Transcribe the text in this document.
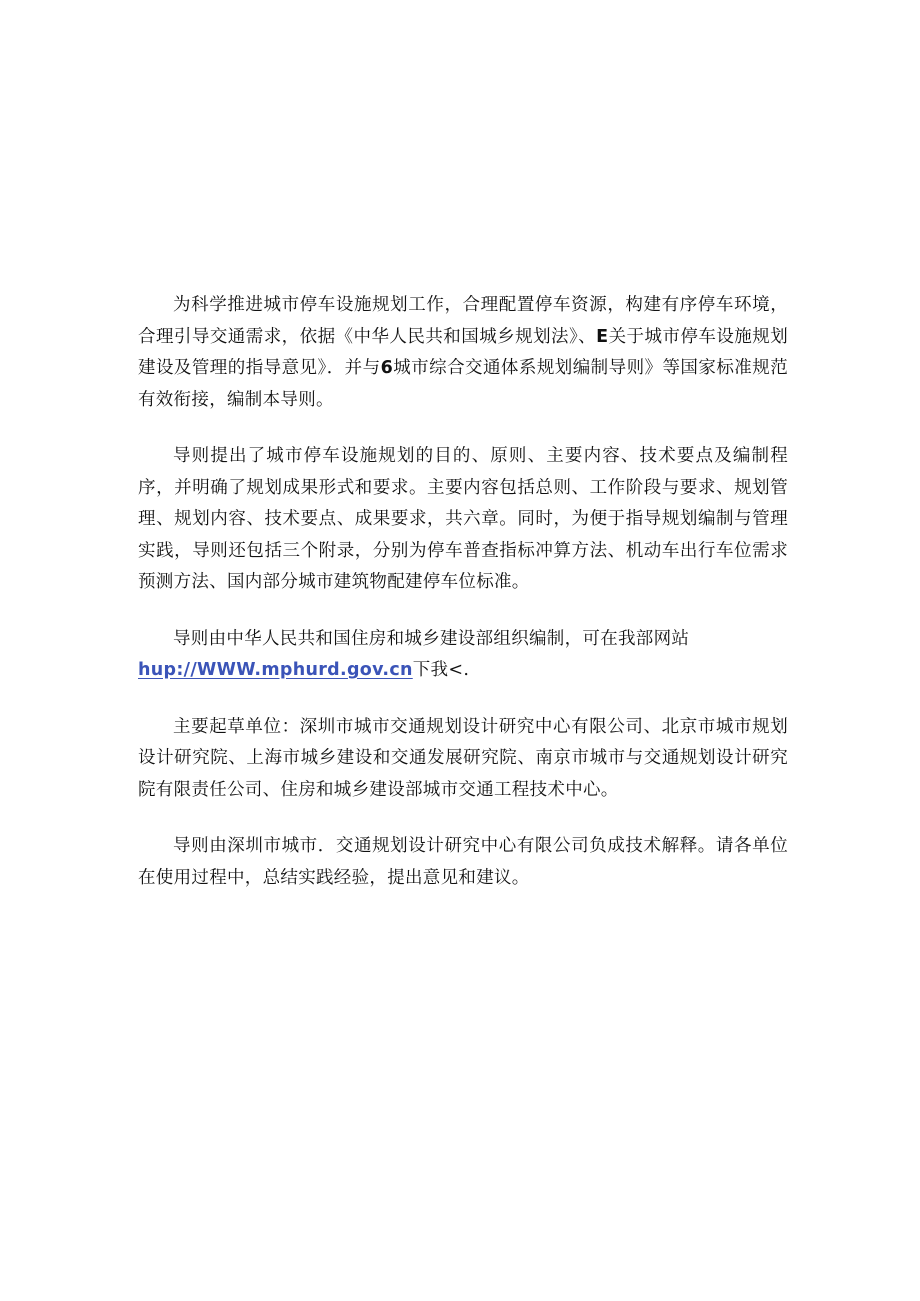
为科学推进城市停车设施规划工作，合理配置停车资源，构建有序停车环境，合理引导交通需求，依据《中华人民共和国城乡规划法》、E关于城市停车设施规划建设及管理的指导意见》．并与6城市综合交通体系规划编制导则》等国家标准规范有效衔接，编制本导则。

导则提出了城市停车设施规划的目的、原则、主要内容、技术要点及编制程序，并明确了规划成果形式和要求。主要内容包括总则、工作阶段与要求、规划管理、规划内容、技术要点、成果要求，共六章。同时，为便于指导规划编制与管理实践，导则还包括三个附录，分别为停车普查指标冲算方法、机动车出行车位需求预测方法、国内部分城市建筑物配建停车位标准。

导则由中华人民共和国住房和城乡建设部组织编制，可在我部网站
hup://WWW.mphurd.gov.cn下我<.

主要起草单位：深圳市城市交通规划设计研究中心有限公司、北京市城市规划设计研究院、上海市城乡建设和交通发展研究院、南京市城市与交通规划设计研究院有限责任公司、住房和城乡建设部城市交通工程技术中心。

导则由深圳市城市．交通规划设计研究中心有限公司负成技术解释。请各单位在使用过程中，总结实践经验，提出意见和建议。
